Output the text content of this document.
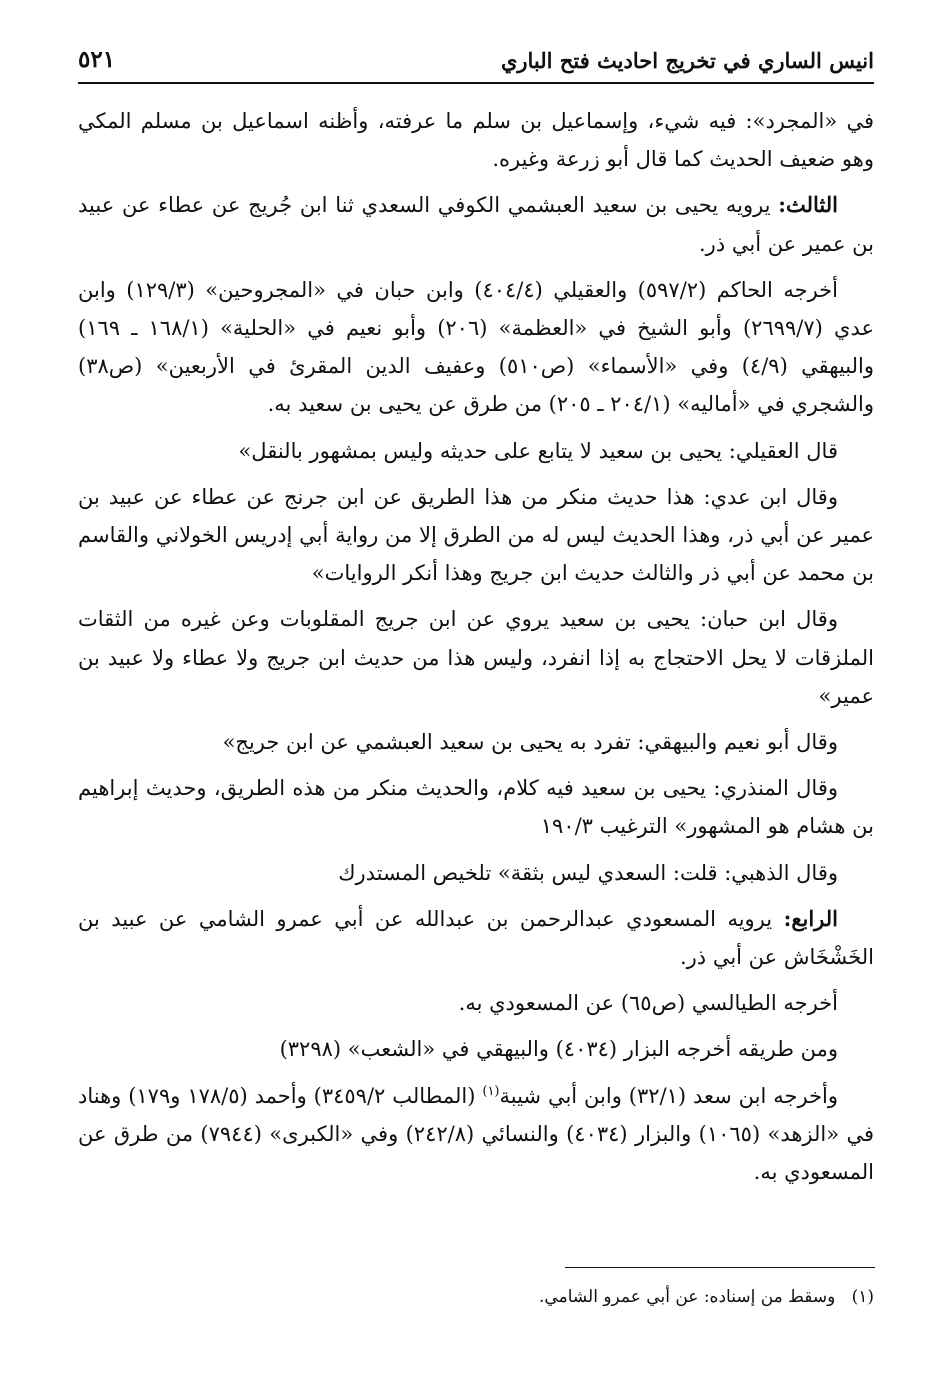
انيس الساري في تخريج احاديث فتح الباري
٥٢١

في «المجرد»: فيه شيء، وإسماعيل بن سلم ما عرفته، وأظنه اسماعيل بن مسلم المكي وهو ضعيف الحديث كما قال أبو زرعة وغيره.

الثالث: يرويه يحيى بن سعيد العبشمي الكوفي السعدي ثنا ابن جُريج عن عطاء عن عبيد بن عمير عن أبي ذر.

أخرجه الحاكم (٥٩٧/٢) والعقيلي (٤٠٤/٤) وابن حبان في «المجروحين» (١٢٩/٣) وابن عدي (٢٦٩٩/٧) وأبو الشيخ في «العظمة» (٢٠٦) وأبو نعيم في «الحلية» (١٦٨/١ ـ ١٦٩) والبيهقي (٤/٩) وفي «الأسماء» (ص٥١٠) وعفيف الدين المقرئ في الأربعين» (ص٣٨) والشجري في «أماليه» (٢٠٤/١ ـ ٢٠٥) من طرق عن يحيى بن سعيد به.

قال العقيلي: يحيى بن سعيد لا يتابع على حديثه وليس بمشهور بالنقل»

وقال ابن عدي: هذا حديث منكر من هذا الطريق عن ابن جرنج عن عطاء عن عبيد بن عمير عن أبي ذر، وهذا الحديث ليس له من الطرق إلا من رواية أبي إدريس الخولاني والقاسم بن محمد عن أبي ذر والثالث حديث ابن جريج وهذا أنكر الروايات»

وقال ابن حبان: يحيى بن سعيد يروي عن ابن جريج المقلوبات وعن غيره من الثقات الملزقات لا يحل الاحتجاج به إذا انفرد، وليس هذا من حديث ابن جريج ولا عطاء ولا عبيد بن عمير»

وقال أبو نعيم والبيهقي: تفرد به يحيى بن سعيد العبشمي عن ابن جريج»

وقال المنذري: يحيى بن سعيد فيه كلام، والحديث منكر من هذه الطريق، وحديث إبراهيم بن هشام هو المشهور» الترغيب ١٩٠/٣

وقال الذهبي: قلت: السعدي ليس بثقة» تلخيص المستدرك

الرابع: يرويه المسعودي عبدالرحمن بن عبدالله عن أبي عمرو الشامي عن عبيد بن الخَشْخَاش عن أبي ذر.

أخرجه الطيالسي (ص٦٥) عن المسعودي به.

ومن طريقه أخرجه البزار (٤٠٣٤) والبيهقي في «الشعب» (٣٢٩٨)

وأخرجه ابن سعد (٣٢/١) وابن أبي شيبة$^{(١)}$ (المطالب ٣٤٥٩/٢) وأحمد (١٧٨/٥ و١٧٩) وهناد في «الزهد» (١٠٦٥) والبزار (٤٠٣٤) والنسائي (٢٤٢/٨) وفي «الكبرى» (٧٩٤٤) من طرق عن المسعودي به.

(١)   وسقط من إسناده: عن أبي عمرو الشامي.
